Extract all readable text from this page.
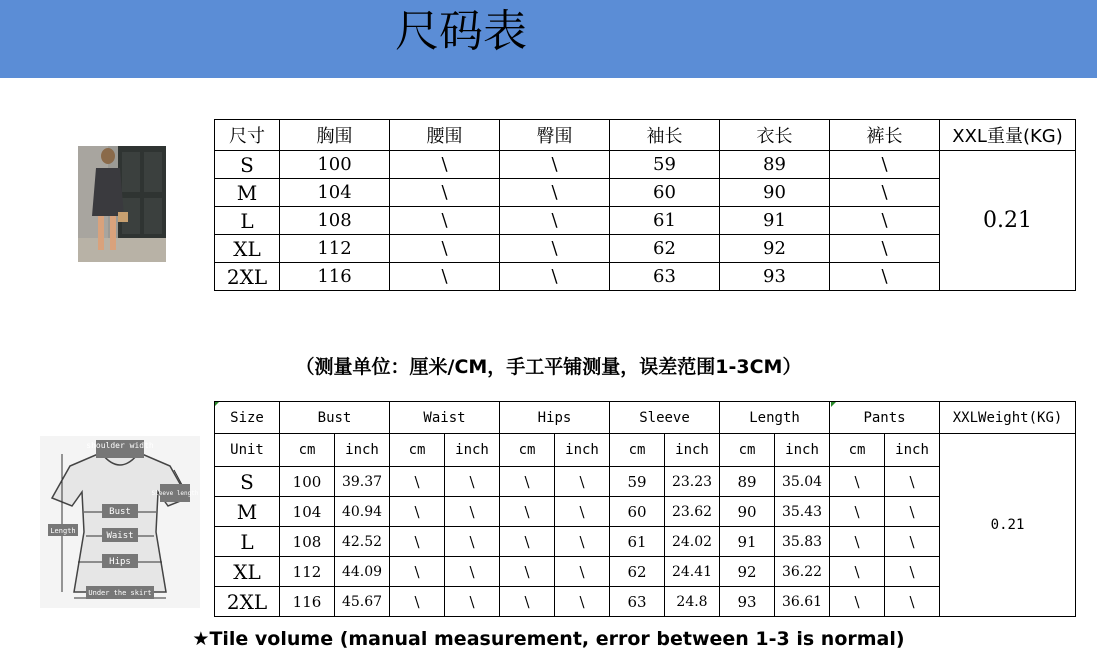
尺码表
尺寸	胸围	腰围	臀围	袖长	衣长	裤长	XXL重量(KG)
S	100	\	\	59	89	\	0.21
M	104	\	\	60	90	\	
L	108	\	\	61	91	\	
XL	112	\	\	62	92	\	
2XL	116	\	\	63	93	\	
（测量单位：厘米/CM，手工平铺测量，误差范围1-3CM）
shoulder width
Bust
Sleeve length
Waist
Length
Hips
Under the skirt
Size	Bust		Waist		Hips		Sleeve		Length		Pants		XXLWeight(KG)
Unit	cm	inch	cm	inch	cm	inch	cm	inch	cm	inch	cm	inch	0.21
S	100	39.37	\	\	\	\	59	23.23	89	35.04	\	\	
M	104	40.94	\	\	\	\	60	23.62	90	35.43	\	\	
L	108	42.52	\	\	\	\	61	24.02	91	35.83	\	\	
XL	112	44.09	\	\	\	\	62	24.41	92	36.22	\	\	
2XL	116	45.67	\	\	\	\	63	24.8	93	36.61	\	\	
★Tile volume (manual measurement, error between 1-3 is normal)
